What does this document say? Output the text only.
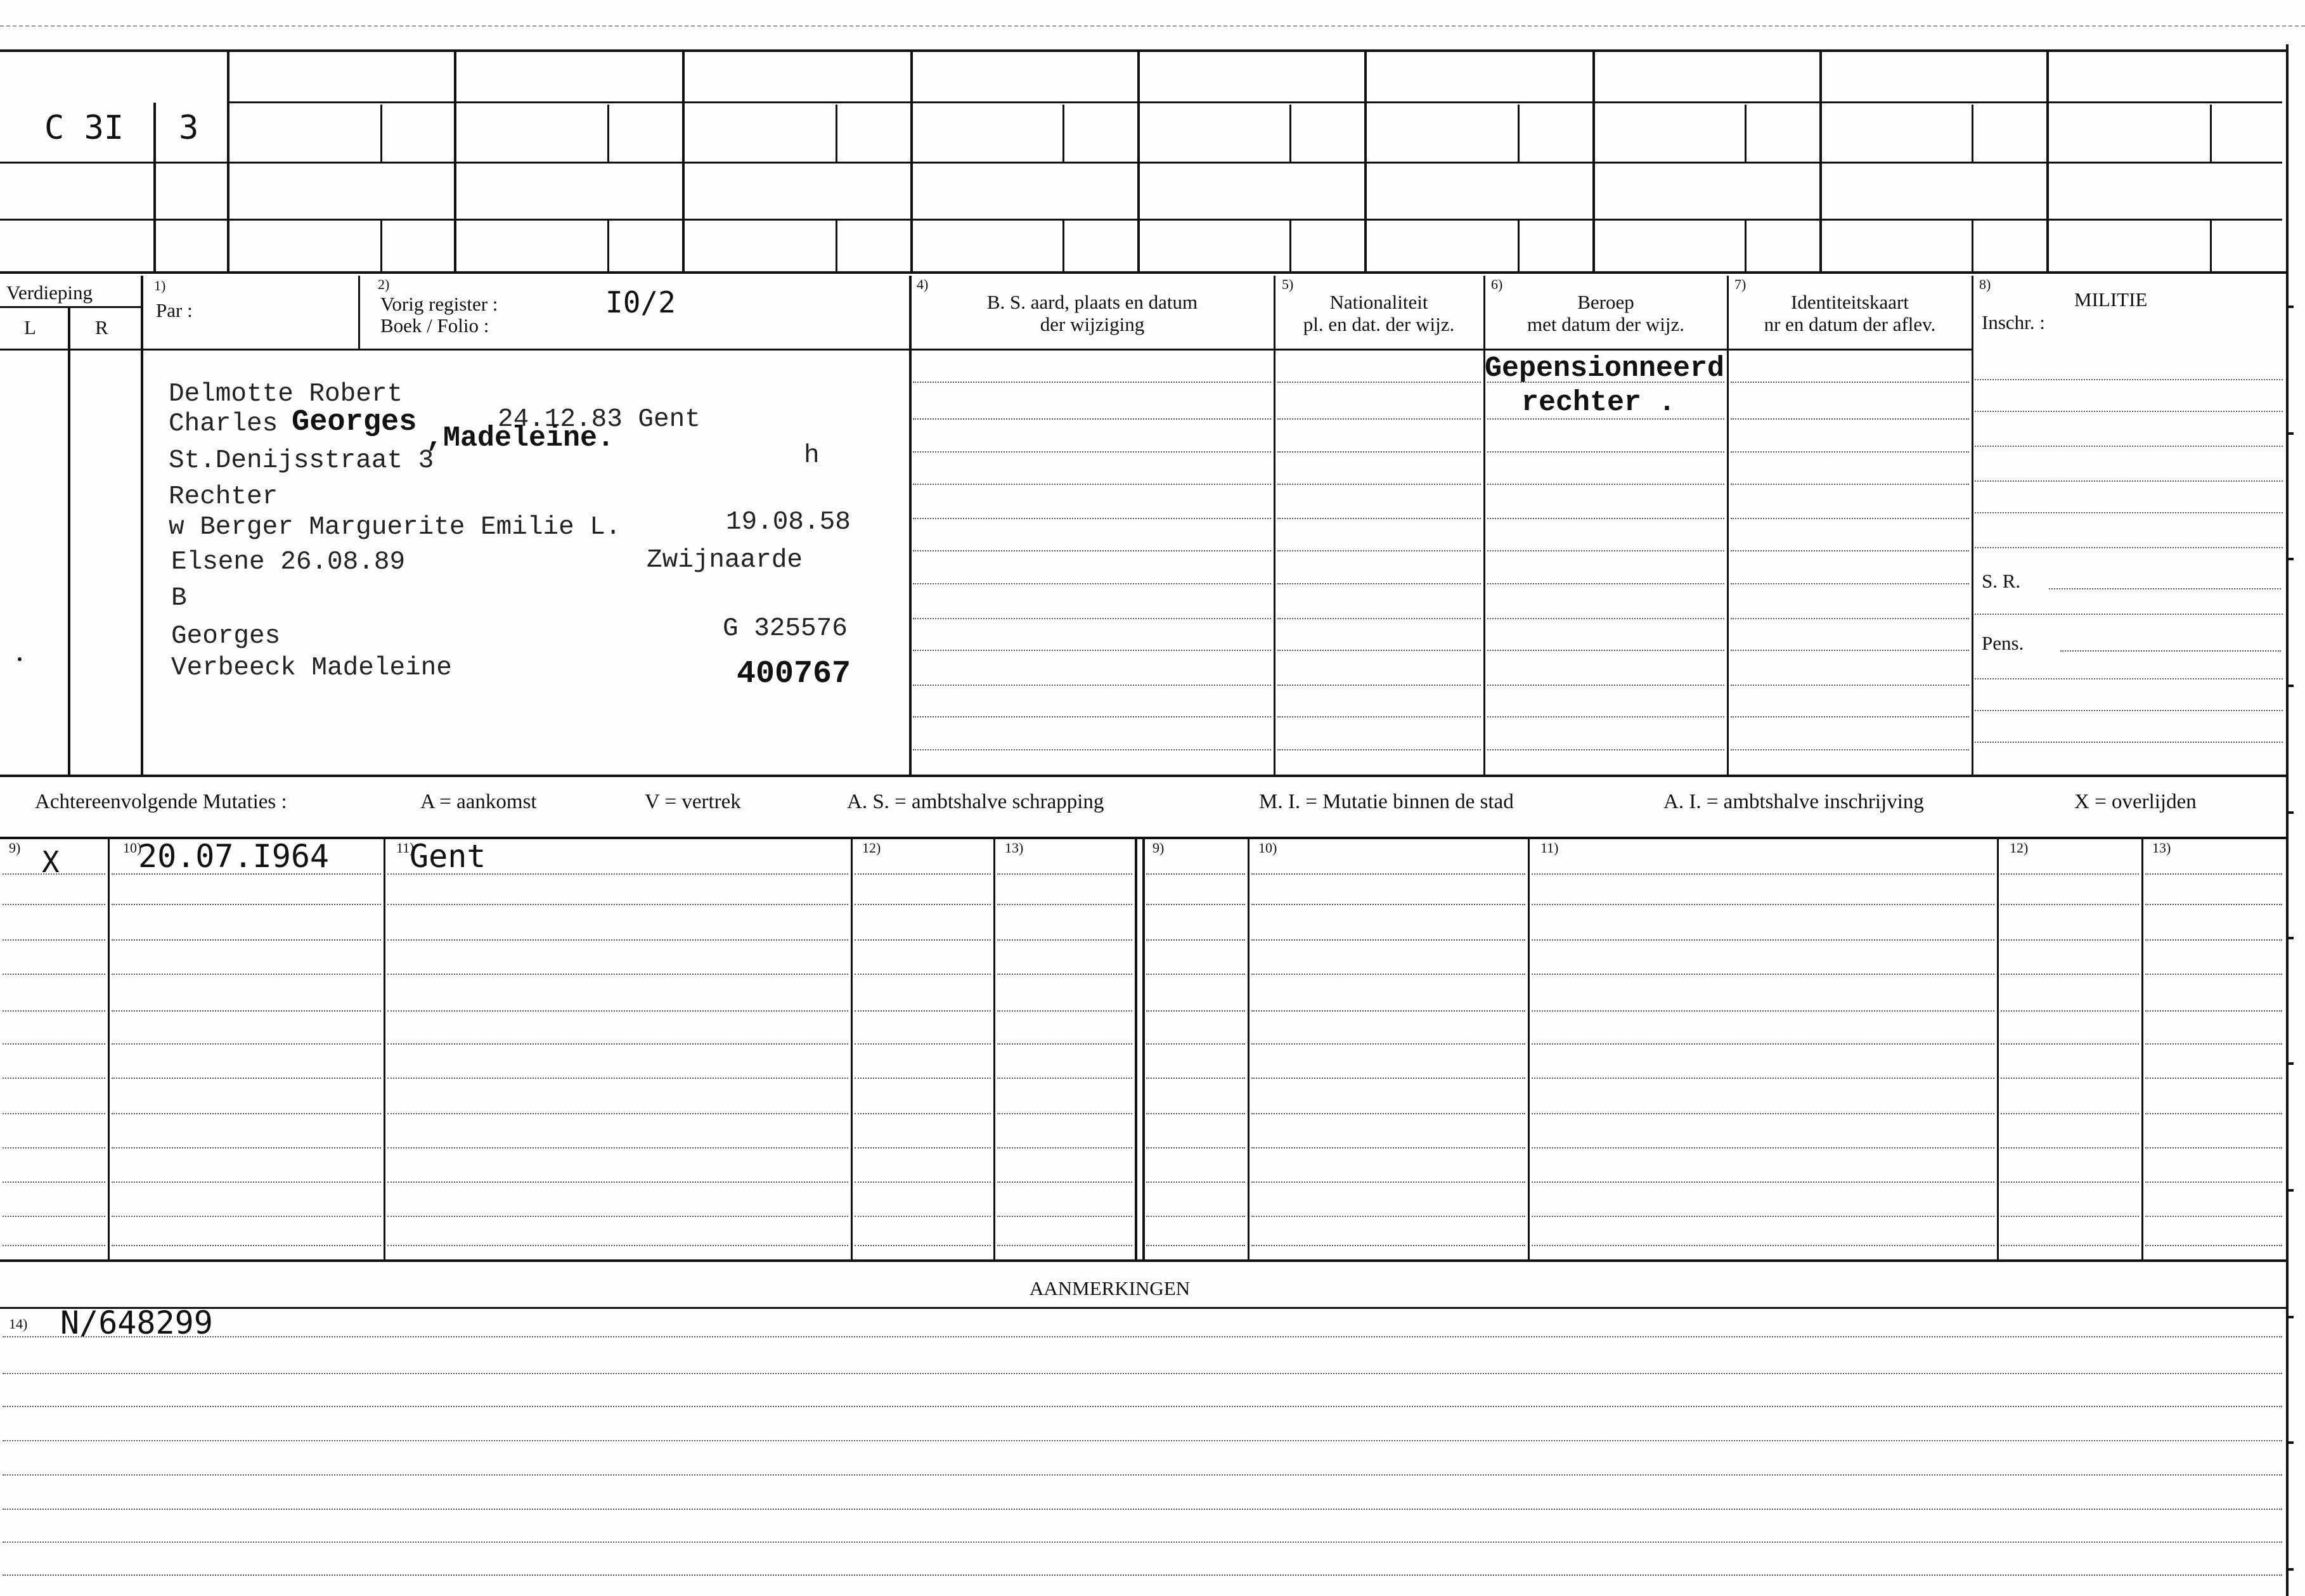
C 3I 3
Verdieping
L	R
1)
Par :
2)
Vorig register :
Boek / Folio :
I0/2
4)
B. S. aard, plaats en datum
der wijziging
5)
Nationaliteit
pl. en dat. der wijz.
6)
Beroep
met datum der wijz.
7)
Identiteitskaart
nr en datum der aflev.
8)
MILITIE
Inschr. :
S. R.
Pens.
Delmotte Robert
Charles Georges	24.12.83 Gent
,Madeleine.
St.Denijsstraat 3	h
Rechter
w Berger Marguerite Emilie L.	19.08.58
Elsene 26.08.89	Zwijnaarde
B
Georges	G 325576
Verbeeck Madeleine	400767
Gepensionneerd
rechter .
Achtereenvolgende Mutaties :	A = aankomst	V = vertrek	A. S. = ambtshalve schrapping	M. I. = Mutatie binnen de stad	A. I. = ambtshalve inschrijving	X = overlijden
9)	10)	11)	12)	13)	9)	10)	11)	12)	13)
X 20.07.I964	Gent
AANMERKINGEN
14) N/648299
